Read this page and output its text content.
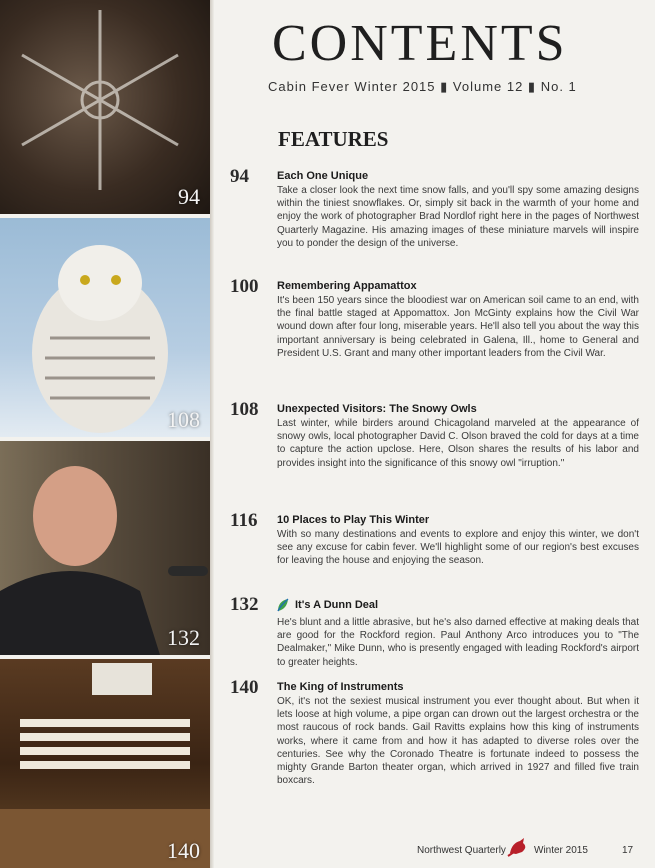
94
108
132
140
CONTENTS
Cabin Fever Winter 2015 ▮ Volume 12 ▮ No. 1
FEATURES
94	Each One Unique
Take a closer look the next time snow falls, and you'll spy some amazing designs within the tiniest snowflakes. Or, simply sit back in the warmth of your home and enjoy the work of photographer Brad Nordlof right here in the pages of Northwest Quarterly Magazine. His amazing images of these miniature marvels will inspire you to ponder the design of the universe.
100	Remembering Appamattox
It's been 150 years since the bloodiest war on American soil came to an end, with the final battle staged at Appomattox. Jon McGinty explains how the Civil War wound down after four long, miserable years. He'll also tell you about the way this important anniversary is being celebrated in Galena, Ill., home to General and President U.S. Grant and many other important leaders from the Civil War.
108	Unexpected Visitors: The Snowy Owls
Last winter, while birders around Chicagoland marveled at the appearance of snowy owls, local photographer David C. Olson braved the cold for days at a time to capture the action upclose. Here, Olson shares the results of his labor and provides insight into the significance of this snowy owl "irruption."
116	10 Places to Play This Winter
With so many destinations and events to explore and enjoy this winter, we don't see any excuse for cabin fever. We'll highlight some of our region's best excuses for leaving the house and enjoying the season.
132	It's A Dunn Deal
He's blunt and a little abrasive, but he's also darned effective at making deals that are good for the Rockford region. Paul Anthony Arco introduces you to "The Dealmaker," Mike Dunn, who is presently engaged with leading Rockford's airport to greater heights.
140	The King of Instruments
OK, it's not the sexiest musical instrument you ever thought about. But when it lets loose at high volume, a pipe organ can drown out the largest orchestra or the most raucous of rock bands. Gail Ravitts explains how this king of instruments works, where it came from and how it has adapted to diverse roles over the centuries. See why the Coronado Theatre is fortunate indeed to possess the mighty Grande Barton theater organ, which arrived in 1927 and filled five train boxcars.
Northwest Quarterly	Winter 2015	17
